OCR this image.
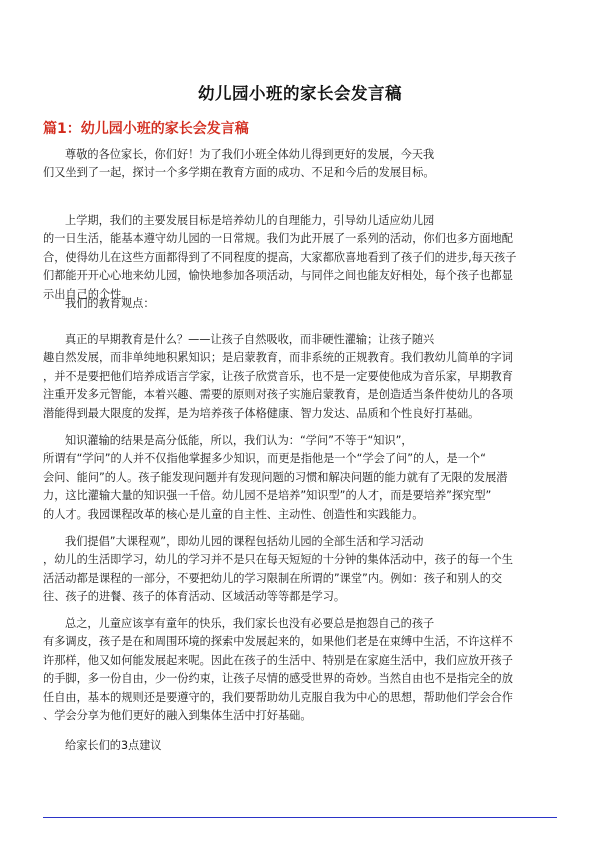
幼儿园小班的家长会发言稿
篇1：幼儿园小班的家长会发言稿
尊敬的各位家长，你们好！为了我们小班全体幼儿得到更好的发展，今天我
们又坐到了一起，探讨一个多学期在教育方面的成功、不足和今后的发展目标。
上学期，我们的主要发展目标是培养幼儿的自理能力，引导幼儿适应幼儿园
的一日生活，能基本遵守幼儿园的一日常规。我们为此开展了一系列的活动，你们也多方面地配
合，使得幼儿在这些方面都得到了不同程度的提高，大家都欣喜地看到了孩子们的进步,每天孩子
们都能开开心心地来幼儿园，愉快地参加各项活动，与同伴之间也能友好相处，每个孩子也都显
示出自己的个性。
我们的教育观点：
真正的早期教育是什么？——让孩子自然吸收，而非硬性灌输；让孩子随兴
趣自然发展，而非单纯地积累知识；是启蒙教育，而非系统的正规教育。我们教幼儿简单的字词
，并不是要把他们培养成语言学家，让孩子欣赏音乐，也不是一定要使他成为音乐家，早期教育
注重开发多元智能，本着兴趣、需要的原则对孩子实施启蒙教育，是创造适当条件使幼儿的各项
潜能得到最大限度的发挥，是为培养孩子体格健康、智力发达、品质和个性良好打基础。
知识灌输的结果是高分低能，所以，我们认为：“学问”不等于“知识”，
所谓有“学问”的人并不仅指他掌握多少知识，而更是指他是一个“学会了问”的人，是一个“
会问、能问”的人。孩子能发现问题并有发现问题的习惯和解决问题的能力就有了无限的发展潜
力，这比灌输大量的知识强一千倍。幼儿园不是培养”知识型”的人才，而是要培养”探究型”
的人才。我园课程改革的核心是儿童的自主性、主动性、创造性和实践能力。
我们提倡”大课程观”，即幼儿园的课程包括幼儿园的全部生活和学习活动
，幼儿的生活即学习，幼儿的学习并不是只在每天短短的十分钟的集体活动中，孩子的每一个生
活活动都是课程的一部分，不要把幼儿的学习限制在所谓的”课堂”内。例如：孩子和别人的交
往、孩子的进餐、孩子的体育活动、区域活动等等都是学习。
总之，儿童应该享有童年的快乐，我们家长也没有必要总是抱怨自己的孩子
有多调皮，孩子是在和周围环境的探索中发展起来的，如果他们老是在束缚中生活，不许这样不
许那样，他又如何能发展起来呢。因此在孩子的生活中、特别是在家庭生活中，我们应放开孩子
的手脚，多一份自由，少一份约束，让孩子尽情的感受世界的奇妙。当然自由也不是指完全的放
任自由，基本的规则还是要遵守的，我们要帮助幼儿克服自我为中心的思想，帮助他们学会合作
、学会分享为他们更好的融入到集体生活中打好基础。
给家长们的3点建议
